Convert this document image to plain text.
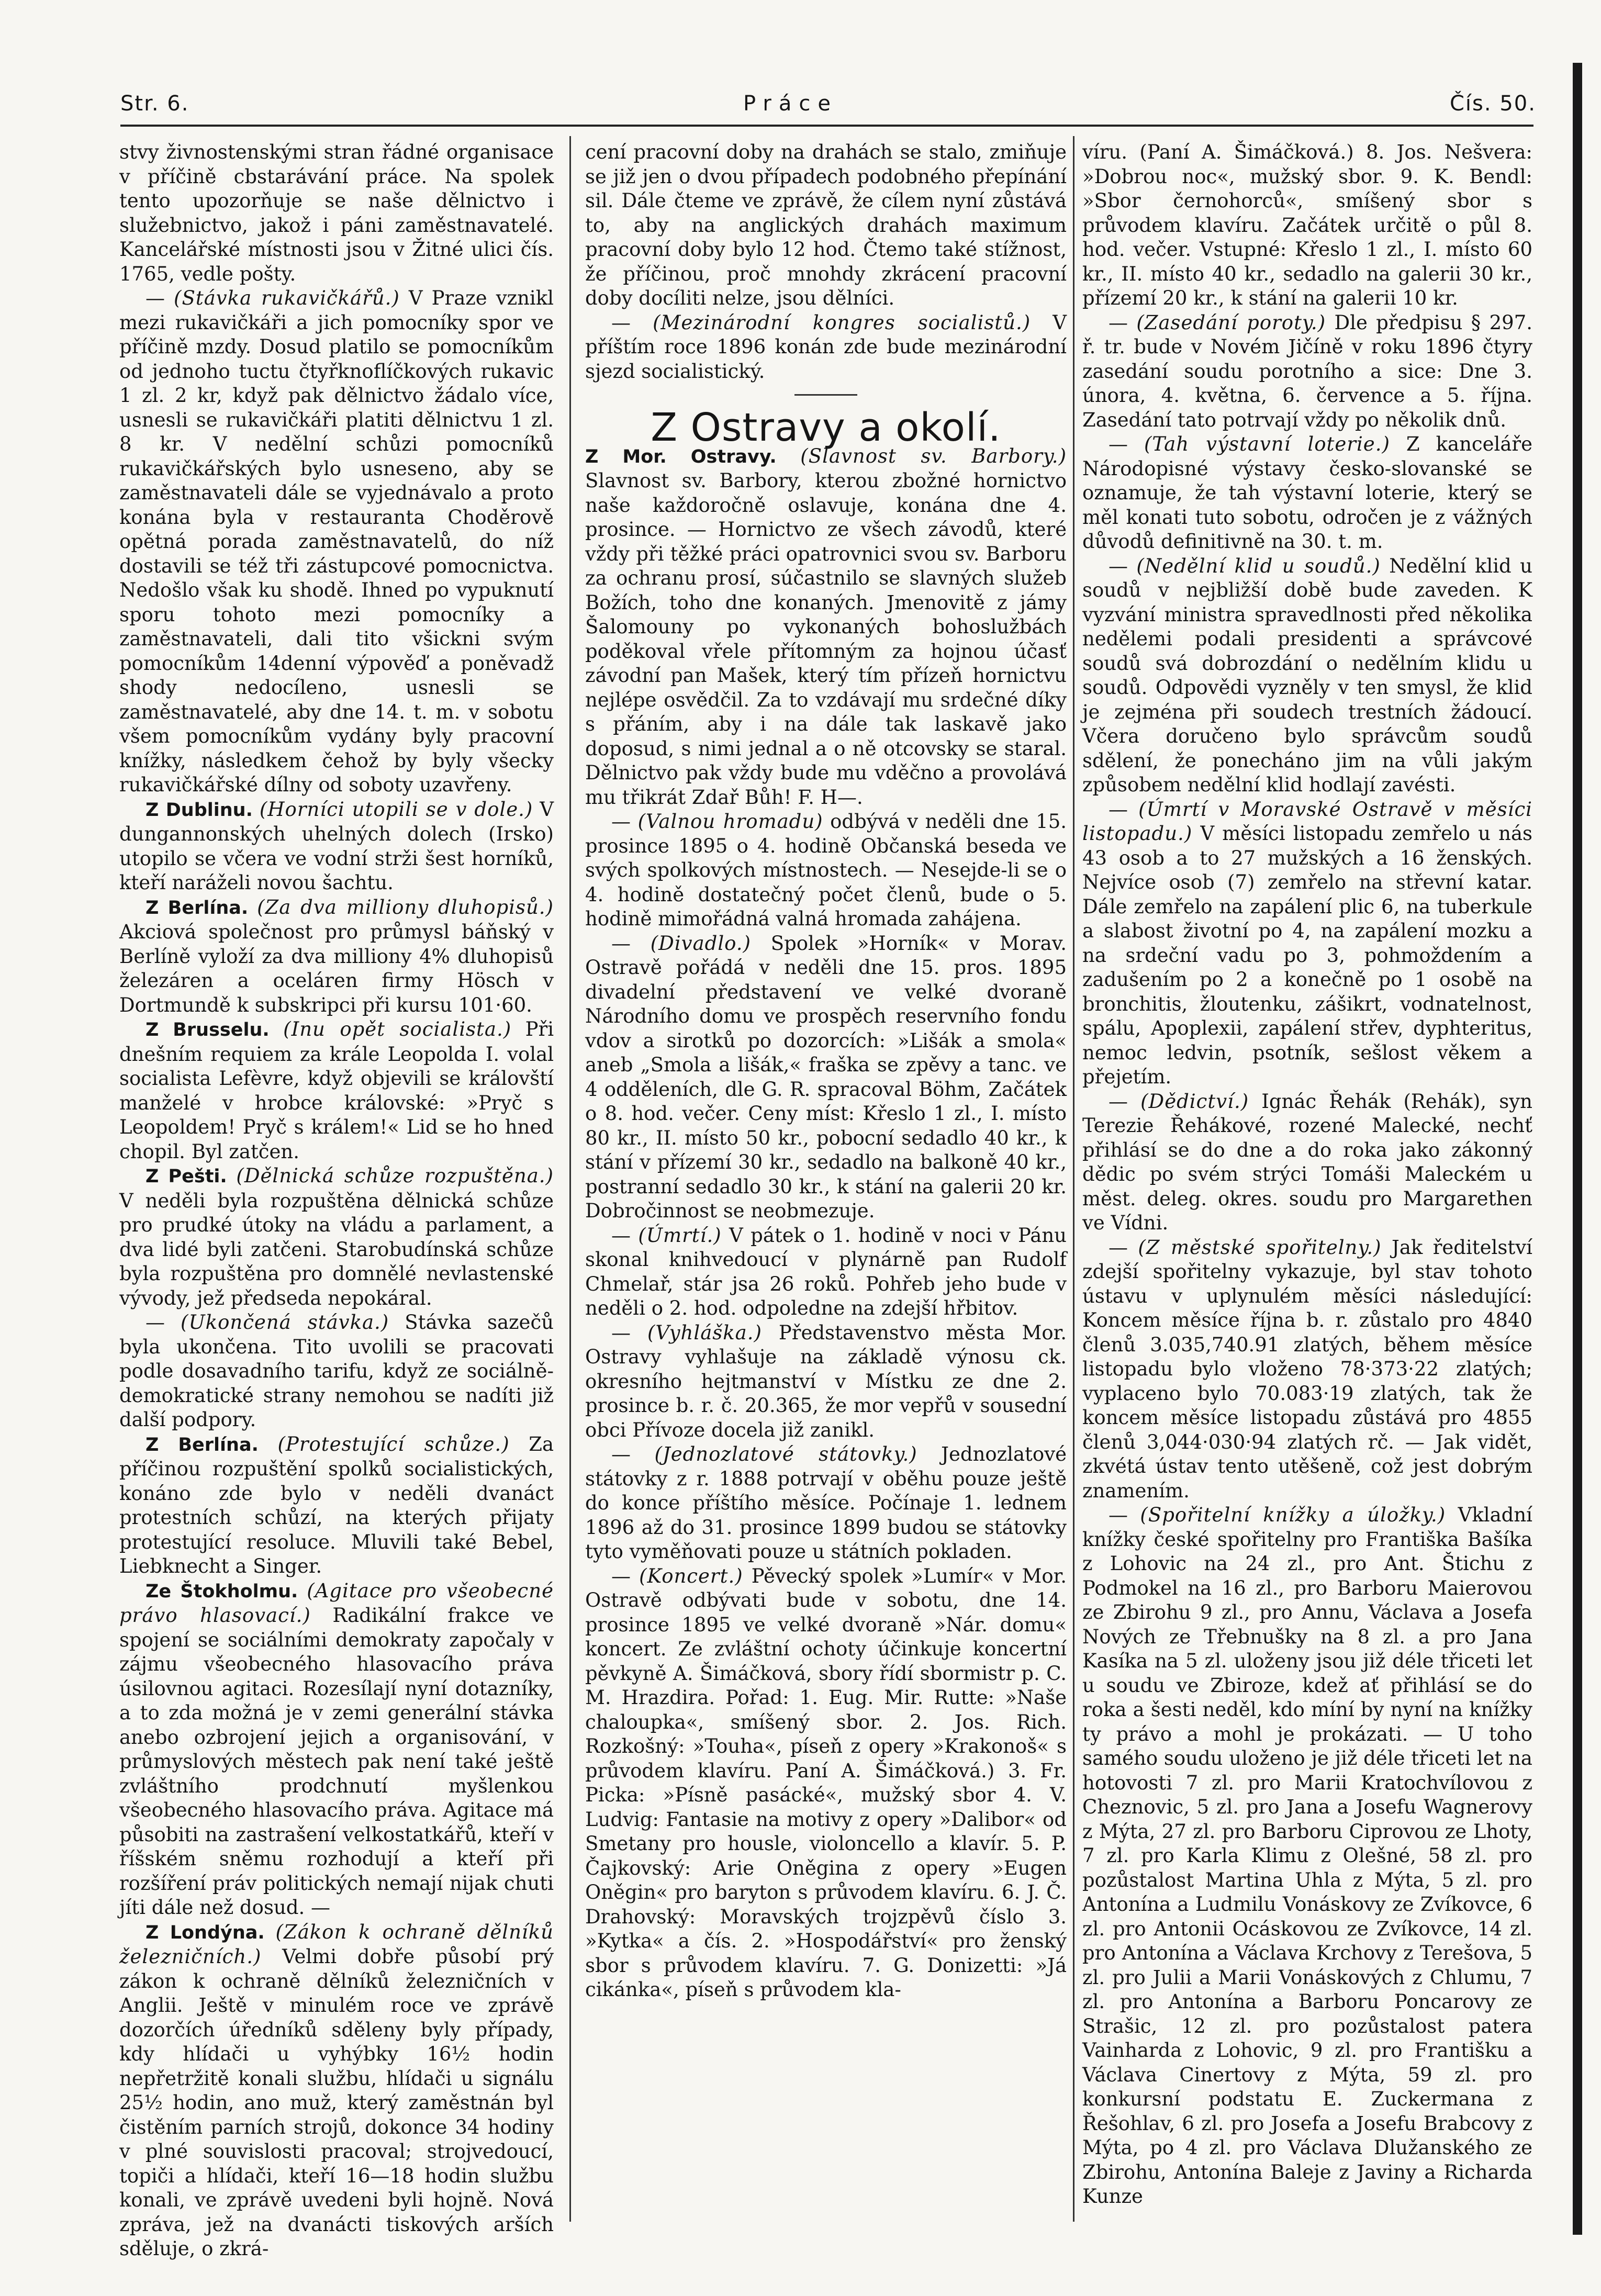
Str. 6.	Práce	Čís. 50.

stvy živnostenskými stran řádné organisace v příčině cbstarávání práce. Na spolek tento upozorňuje se naše dělnictvo i služebnictvo, jakož i páni zaměstnavatelé. Kancelářské místnosti jsou v Žitné ulici čís. 1765, vedle pošty.

— (Stávka rukavičkářů.) V Praze vznikl mezi rukavičkáři a jich pomocníky spor ve příčině mzdy. Dosud platilo se pomocníkům od jednoho tuctu čtyřknoflíčkových rukavic 1 zl. 2 kr, když pak dělnictvo žádalo více, usnesli se rukavičkáři platiti dělnictvu 1 zl. 8 kr. V nedělní schůzi pomocníků rukavičkářských bylo usneseno, aby se zaměstnavateli dále se vyjednávalo a proto konána byla v restauranta Choděrově opětná porada zaměstnavatelů, do níž dostavili se též tři zástupcové pomocnictva. Nedošlo však ku shodě. Ihned po vypuknutí sporu tohoto mezi pomocníky a zaměstnavateli, dali tito všickni svým pomocníkům 14denní výpověď a poněvadž shody nedocíleno, usnesli se zaměstnavatelé, aby dne 14. t. m. v sobotu všem pomocníkům vydány byly pracovní knížky, následkem čehož by byly všecky rukavičkářské dílny od soboty uzavřeny.

Z Dublinu. (Horníci utopili se v dole.) V dungannonských uhelných dolech (Irsko) utopilo se včera ve vodní strži šest horníků, kteří naráželi novou šachtu.

Z Berlína. (Za dva milliony dluhopisů.) Akciová společnost pro průmysl báňský v Berlíně vyloží za dva milliony 4% dluhopisů železáren a oceláren firmy Hösch v Dortmundě k subskripci při kursu 101·60.

Z Brusselu. (Inu opět socialista.) Při dnešním requiem za krále Leopolda I. volal socialista Lefèvre, když objevili se královští manželé v hrobce královské: »Pryč s Leopoldem! Pryč s králem!« Lid se ho hned chopil. Byl zatčen.

Z Pešti. (Dělnická schůze rozpuštěna.) V neděli byla rozpuštěna dělnická schůze pro prudké útoky na vládu a parlament, a dva lidé byli zatčeni. Starobudínská schůze byla rozpuštěna pro domnělé nevlastenské vývody, jež předseda nepokáral.

— (Ukončená stávka.) Stávka sazečů byla ukončena. Tito uvolili se pracovati podle dosavadního tarifu, když ze sociálně-demokratické strany nemohou se nadíti již další podpory.

Z Berlína. (Protestující schůze.) Za příčinou rozpuštění spolků socialistických, konáno zde bylo v neděli dvanáct protestních schůzí, na kterých přijaty protestující resoluce. Mluvili také Bebel, Liebknecht a Singer.

Ze Štokholmu. (Agitace pro všeobecné právo hlasovací.) Radikální frakce ve spojení se sociálními demokraty započaly v zájmu všeobecného hlasovacího práva úsilovnou agitaci. Rozesílají nyní dotazníky, a to zda možná je v zemi generální stávka anebo ozbrojení jejich a organisování, v průmyslových městech pak není také ještě zvláštního prodchnutí myšlenkou všeobecného hlasovacího práva. Agitace má působiti na zastrašení velkostatkářů, kteří v říšském sněmu rozhodují a kteří při rozšíření práv politických nemají nijak chuti jíti dále než dosud. —

Z Londýna. (Zákon k ochraně dělníků železničních.) Velmi dobře působí prý zákon k ochraně dělníků železničních v Anglii. Ještě v minulém roce ve zprávě dozorčích úředníků sděleny byly případy, kdy hlídači u vyhýbky 16½ hodin nepřetržitě konali službu, hlídači u signálu 25½ hodin, ano muž, který zaměstnán byl čistěním parních strojů, dokonce 34 hodiny v plné souvislosti pracoval; strojvedoucí, topiči a hlídači, kteří 16—18 hodin službu konali, ve zprávě uvedeni byli hojně. Nová zpráva, jež na dvanácti tiskových arších sděluje, o zkrá-

cení pracovní doby na drahách se stalo, zmiňuje se již jen o dvou případech podobného přepínání sil. Dále čteme ve zprávě, že cílem nyní zůstává to, aby na anglických drahách maximum pracovní doby bylo 12 hod. Čtemo také stížnost, že příčinou, proč mnohdy zkrácení pracovní doby docíliti nelze, jsou dělníci.

— (Mezinárodní kongres socialistů.) V příštím roce 1896 konán zde bude mezinárodní sjezd socialistický.

Z Ostravy a okolí.

Z Mor. Ostravy. (Slavnost sv. Barbory.) Slavnost sv. Barbory, kterou zbožné hornictvo naše každoročně oslavuje, konána dne 4. prosince. — Hornictvo ze všech závodů, které vždy při těžké práci opatrovnici svou sv. Barboru za ochranu prosí, súčastnilo se slavných služeb Božích, toho dne konaných. Jmenovitě z jámy Šalomouny po vykonaných bohoslužbách poděkoval vřele přítomným za hojnou účasť závodní pan Mašek, který tím přízeň hornictvu nejlépe osvědčil. Za to vzdávají mu srdečné díky s přáním, aby i na dále tak laskavě jako doposud, s nimi jednal a o ně otcovsky se staral. Dělnictvo pak vždy bude mu vděčno a provolává mu třikrát Zdař Bůh! F. H—.

— (Valnou hromadu) odbývá v neděli dne 15. prosince 1895 o 4. hodině Občanská beseda ve svých spolkových místnostech. — Nesejde-li se o 4. hodině dostatečný počet členů, bude o 5. hodině mimořádná valná hromada zahájena.

— (Divadlo.) Spolek »Horník« v Morav. Ostravě pořádá v neděli dne 15. pros. 1895 divadelní představení ve velké dvoraně Národního domu ve prospěch reservního fondu vdov a sirotků po dozorcích: »Lišák a smola« aneb „Smola a lišák,« fraška se zpěvy a tanc. ve 4 odděleních, dle G. R. spracoval Böhm, Začátek o 8. hod. večer. Ceny míst: Křeslo 1 zl., I. místo 80 kr., II. místo 50 kr., pobocní sedadlo 40 kr., k stání v přízemí 30 kr., sedadlo na balkoně 40 kr., postranní sedadlo 30 kr., k stání na galerii 20 kr. Dobročinnost se neobmezuje.

— (Úmrtí.) V pátek o 1. hodině v noci v Pánu skonal knihvedoucí v plynárně pan Rudolf Chmelař, stár jsa 26 roků. Pohřeb jeho bude v neděli o 2. hod. odpoledne na zdejší hřbitov.

— (Vyhláška.) Představenstvo města Mor. Ostravy vyhlašuje na základě výnosu ck. okresního hejtmanství v Místku ze dne 2. prosince b. r. č. 20.365, že mor vepřů v sousední obci Přívoze docela již zanikl.

— (Jednozlatové státovky.) Jednozlatové státovky z r. 1888 potrvají v oběhu pouze ještě do konce příštího měsíce. Počínaje 1. lednem 1896 až do 31. prosince 1899 budou se státovky tyto vyměňovati pouze u státních pokladen.

— (Koncert.) Pěvecký spolek »Lumír« v Mor. Ostravě odbývati bude v sobotu, dne 14. prosince 1895 ve velké dvoraně »Nár. domu« koncert. Ze zvláštní ochoty účinkuje koncertní pěvkyně A. Šimáčková, sbory řídí sbormistr p. C. M. Hrazdira. Pořad: 1. Eug. Mir. Rutte: »Naše chaloupka«, smíšený sbor. 2. Jos. Rich. Rozkošný: »Touha«, píseň z opery »Krakonoš« s průvodem klavíru. Paní A. Šimáčková.) 3. Fr. Picka: »Písně pasácké«, mužský sbor 4. V. Ludvig: Fantasie na motivy z opery »Dalibor« od Smetany pro housle, violoncello a klavír. 5. P. Čajkovský: Arie Oněgina z opery »Eugen Oněgin« pro baryton s průvodem klavíru. 6. J. Č. Drahovský: Moravských trojzpěvů číslo 3. »Kytka« a čís. 2. »Hospodářství« pro ženský sbor s průvodem klavíru. 7. G. Donizetti: »Já cikánka«, píseň s průvodem kla-

víru. (Paní A. Šimáčková.) 8. Jos. Nešvera: »Dobrou noc«, mužský sbor. 9. K. Bendl: »Sbor černohorců«, smíšený sbor s průvodem klavíru. Začátek určitě o půl 8. hod. večer. Vstupné: Křeslo 1 zl., I. místo 60 kr., II. místo 40 kr., sedadlo na galerii 30 kr., přízemí 20 kr., k stání na galerii 10 kr.

— (Zasedání poroty.) Dle předpisu § 297. ř. tr. bude v Novém Jičíně v roku 1896 čtyry zasedání soudu porotního a sice: Dne 3. února, 4. května, 6. července a 5. října. Zasedání tato potrvají vždy po několik dnů.

— (Tah výstavní loterie.) Z kanceláře Národopisné výstavy česko-slovanské se oznamuje, že tah výstavní loterie, který se měl konati tuto sobotu, odročen je z vážných důvodů definitivně na 30. t. m.

— (Nedělní klid u soudů.) Nedělní klid u soudů v nejbližší době bude zaveden. K vyzvání ministra spravedlnosti před několika nedělemi podali presidenti a správcové soudů svá dobrozdání o nedělním klidu u soudů. Odpovědi vyzněly v ten smysl, že klid je zejména při soudech trestních žádoucí. Včera doručeno bylo správcům soudů sdělení, že ponecháno jim na vůli jakým způsobem nedělní klid hodlají zavésti.

— (Úmrtí v Moravské Ostravě v měsíci listopadu.) V měsíci listopadu zemřelo u nás 43 osob a to 27 mužských a 16 ženských. Nejvíce osob (7) zemřelo na střevní katar. Dále zemřelo na zapálení plic 6, na tuberkule a slabost životní po 4, na zapálení mozku a na srdeční vadu po 3, pohmoždením a zadušením po 2 a konečně po 1 osobě na bronchitis, žloutenku, zášikrt, vodnatelnost, spálu, Apoplexii, zapálení střev, dyphteritus, nemoc ledvin, psotník, sešlost věkem a přejetím.

— (Dědictví.) Ignác Řehák (Rehák), syn Terezie Řehákové, rozené Malecké, nechť přihlásí se do dne a do roka jako zákonný dědic po svém strýci Tomáši Maleckém u měst. deleg. okres. soudu pro Margarethen ve Vídni.

— (Z městské spořitelny.) Jak ředitelství zdejší spořitelny vykazuje, byl stav tohoto ústavu v uplynulém měsíci následující: Koncem měsíce října b. r. zůstalo pro 4840 členů 3.035,740.91 zlatých, během měsíce listopadu bylo vloženo 78·373·22 zlatých; vyplaceno bylo 70.083·19 zlatých, tak že koncem měsíce listopadu zůstává pro 4855 členů 3,044·030·94 zlatých rč. — Jak vidět, zkvétá ústav tento utěšeně, což jest dobrým znamením.

— (Spořitelní knížky a úložky.) Vkladní knížky české spořitelny pro Františka Bašíka z Lohovic na 24 zl., pro Ant. Štichu z Podmokel na 16 zl., pro Barboru Maierovou ze Zbirohu 9 zl., pro Annu, Václava a Josefa Nových ze Třebnušky na 8 zl. a pro Jana Kasíka na 5 zl. uloženy jsou již déle třiceti let u soudu ve Zbiroze, kdež ať přihlásí se do roka a šesti neděl, kdo míní by nyní na knížky ty právo a mohl je prokázati. — U toho samého soudu uloženo je již déle třiceti let na hotovosti 7 zl. pro Marii Kratochvílovou z Cheznovic, 5 zl. pro Jana a Josefu Wagnerovy z Mýta, 27 zl. pro Barboru Ciprovou ze Lhoty, 7 zl. pro Karla Klimu z Olešné, 58 zl. pro pozůstalost Martina Uhla z Mýta, 5 zl. pro Antonína a Ludmilu Vonáskovy ze Zvíkovce, 6 zl. pro Antonii Ocáskovou ze Zvíkovce, 14 zl. pro Antonína a Václava Krchovy z Terešova, 5 zl. pro Julii a Marii Vonáskových z Chlumu, 7 zl. pro Antonína a Barboru Poncarovy ze Strašic, 12 zl. pro pozůstalost patera Vainharda z Lohovic, 9 zl. pro Františku a Václava Cinertovy z Mýta, 59 zl. pro konkursní podstatu E. Zuckermana z Řešohlav, 6 zl. pro Josefa a Josefu Brabcovy z Mýta, po 4 zl. pro Václava Dlužanského ze Zbirohu, Antonína Baleje z Javiny a Richarda Kunze
